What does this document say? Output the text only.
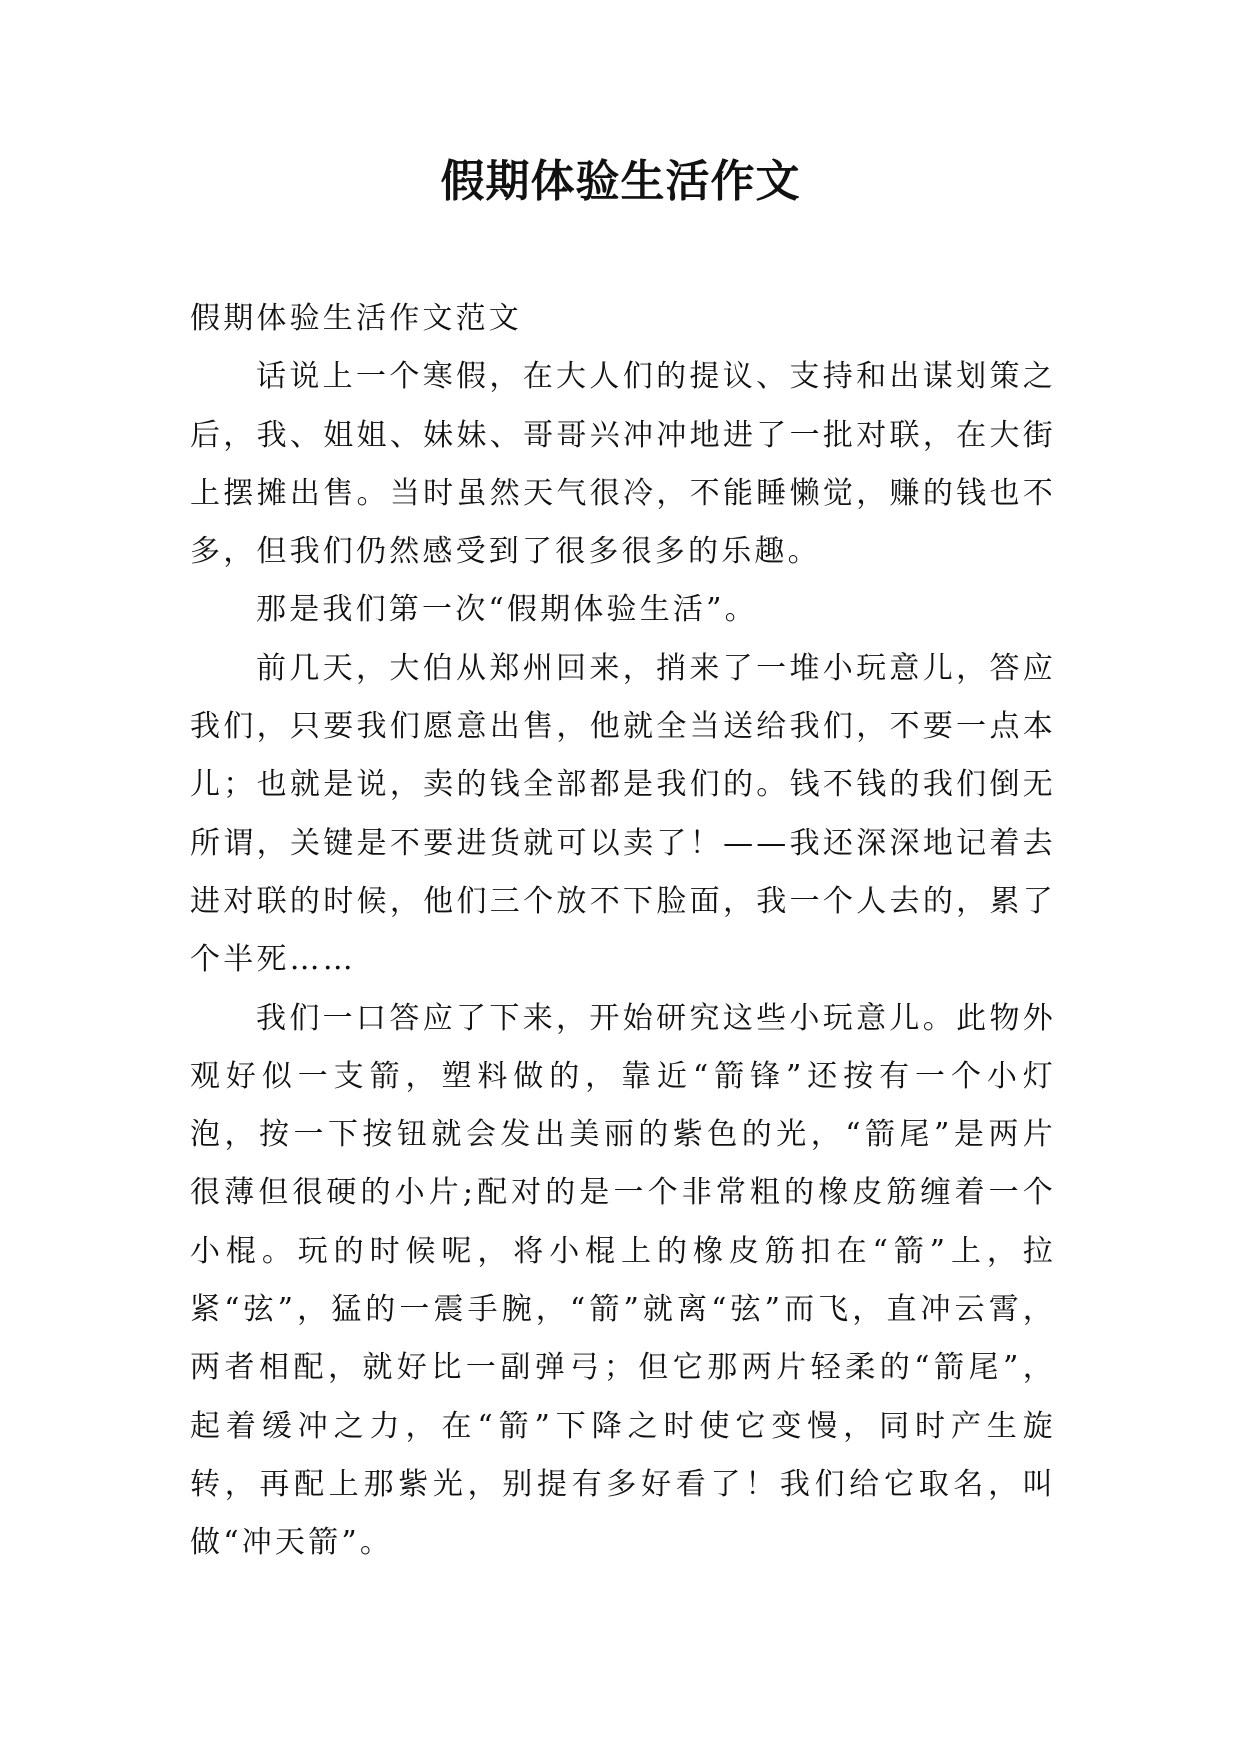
假期体验生活作文

假期体验生活作文范文

话说上一个寒假，在大人们的提议、支持和出谋划策之后，我、姐姐、妹妹、哥哥兴冲冲地进了一批对联，在大街上摆摊出售。当时虽然天气很冷，不能睡懒觉，赚的钱也不多，但我们仍然感受到了很多很多的乐趣。

那是我们第一次“假期体验生活”。

前几天，大伯从郑州回来，捎来了一堆小玩意儿，答应我们，只要我们愿意出售，他就全当送给我们，不要一点本儿；也就是说，卖的钱全部都是我们的。钱不钱的我们倒无所谓，关键是不要进货就可以卖了！——我还深深地记着去进对联的时候，他们三个放不下脸面，我一个人去的，累了个半死……

我们一口答应了下来，开始研究这些小玩意儿。此物外观好似一支箭，塑料做的，靠近“箭锋”还按有一个小灯泡，按一下按钮就会发出美丽的紫色的光，“箭尾”是两片很薄但很硬的小片;配对的是一个非常粗的橡皮筋缠着一个小棍。玩的时候呢，将小棍上的橡皮筋扣在“箭”上，拉紧“弦”，猛的一震手腕，“箭”就离“弦”而飞，直冲云霄，两者相配，就好比一副弹弓；但它那两片轻柔的“箭尾”，起着缓冲之力，在“箭”下降之时使它变慢，同时产生旋转，再配上那紫光，别提有多好看了！我们给它取名，叫做“冲天箭”。
